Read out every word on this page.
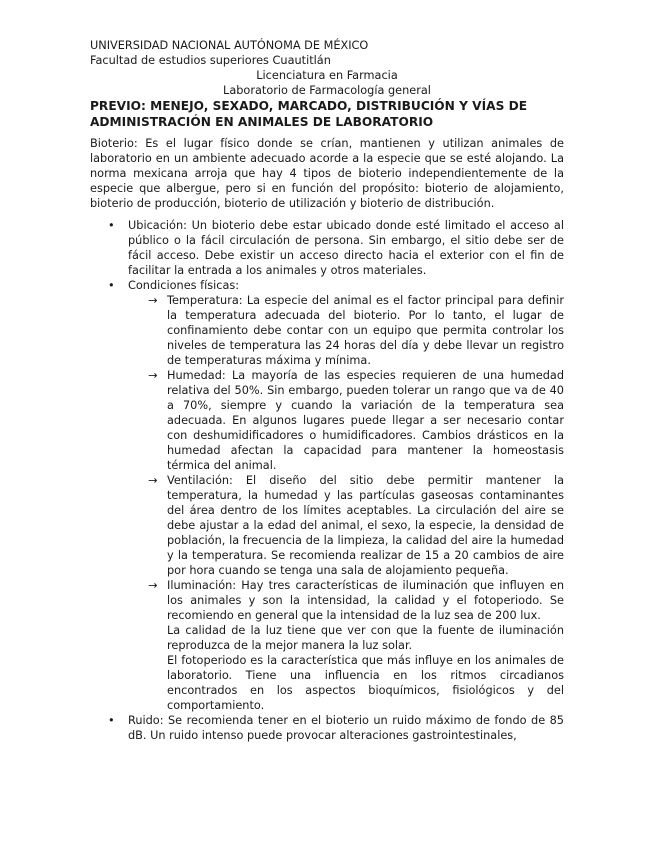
UNIVERSIDAD NACIONAL AUTÓNOMA DE MÉXICO

Facultad de estudios superiores Cuautitlán

Licenciatura en Farmacia

Laboratorio de Farmacología general

PREVIO: MENEJO, SEXADO, MARCADO, DISTRIBUCIÓN Y VÍAS DE ADMINISTRACIÓN EN ANIMALES DE LABORATORIO

Bioterio: Es el lugar físico donde se crían, mantienen y utilizan animales de laboratorio en un ambiente adecuado acorde a la especie que se esté alojando. La norma mexicana arroja que hay 4 tipos de bioterio independientemente de la especie que albergue, pero si en función del propósito: bioterio de alojamiento, bioterio de producción, bioterio de utilización y bioterio de distribución.

• Ubicación: Un bioterio debe estar ubicado donde esté limitado el acceso al público o la fácil circulación de persona. Sin embargo, el sitio debe ser de fácil acceso. Debe existir un acceso directo hacia el exterior con el fin de facilitar la entrada a los animales y otros materiales.
• Condiciones físicas:
→ Temperatura: La especie del animal es el factor principal para definir la temperatura adecuada del bioterio. Por lo tanto, el lugar de confinamiento debe contar con un equipo que permita controlar los niveles de temperatura las 24 horas del día y debe llevar un registro de temperaturas máxima y mínima.

→ Humedad: La mayoría de las especies requieren de una humedad relativa del 50%. Sin embargo, pueden tolerar un rango que va de 40 a 70%, siempre y cuando la variación de la temperatura sea adecuada. En algunos lugares puede llegar a ser necesario contar con deshumidificadores o humidificadores. Cambios drásticos en la humedad afectan la capacidad para mantener la homeostasis térmica del animal.

→ Ventilación: El diseño del sitio debe permitir mantener la temperatura, la humedad y las partículas gaseosas contaminantes del área dentro de los límites aceptables. La circulación del aire se debe ajustar a la edad del animal, el sexo, la especie, la densidad de población, la frecuencia de la limpieza, la calidad del aire la humedad y la temperatura. Se recomienda realizar de 15 a 20 cambios de aire por hora cuando se tenga una sala de alojamiento pequeña.

→ Iluminación: Hay tres características de iluminación que influyen en los animales y son la intensidad, la calidad y el fotoperiodo. Se recomiendo en general que la intensidad de la luz sea de 200 lux.

La calidad de la luz tiene que ver con que la fuente de iluminación reproduzca de la mejor manera la luz solar.

El fotoperiodo es la característica que más influye en los animales de laboratorio. Tiene una influencia en los ritmos circadianos encontrados en los aspectos bioquímicos, fisiológicos y del comportamiento.

• Ruido: Se recomienda tener en el bioterio un ruido máximo de fondo de 85 dB. Un ruido intenso puede provocar alteraciones gastrointestinales,
